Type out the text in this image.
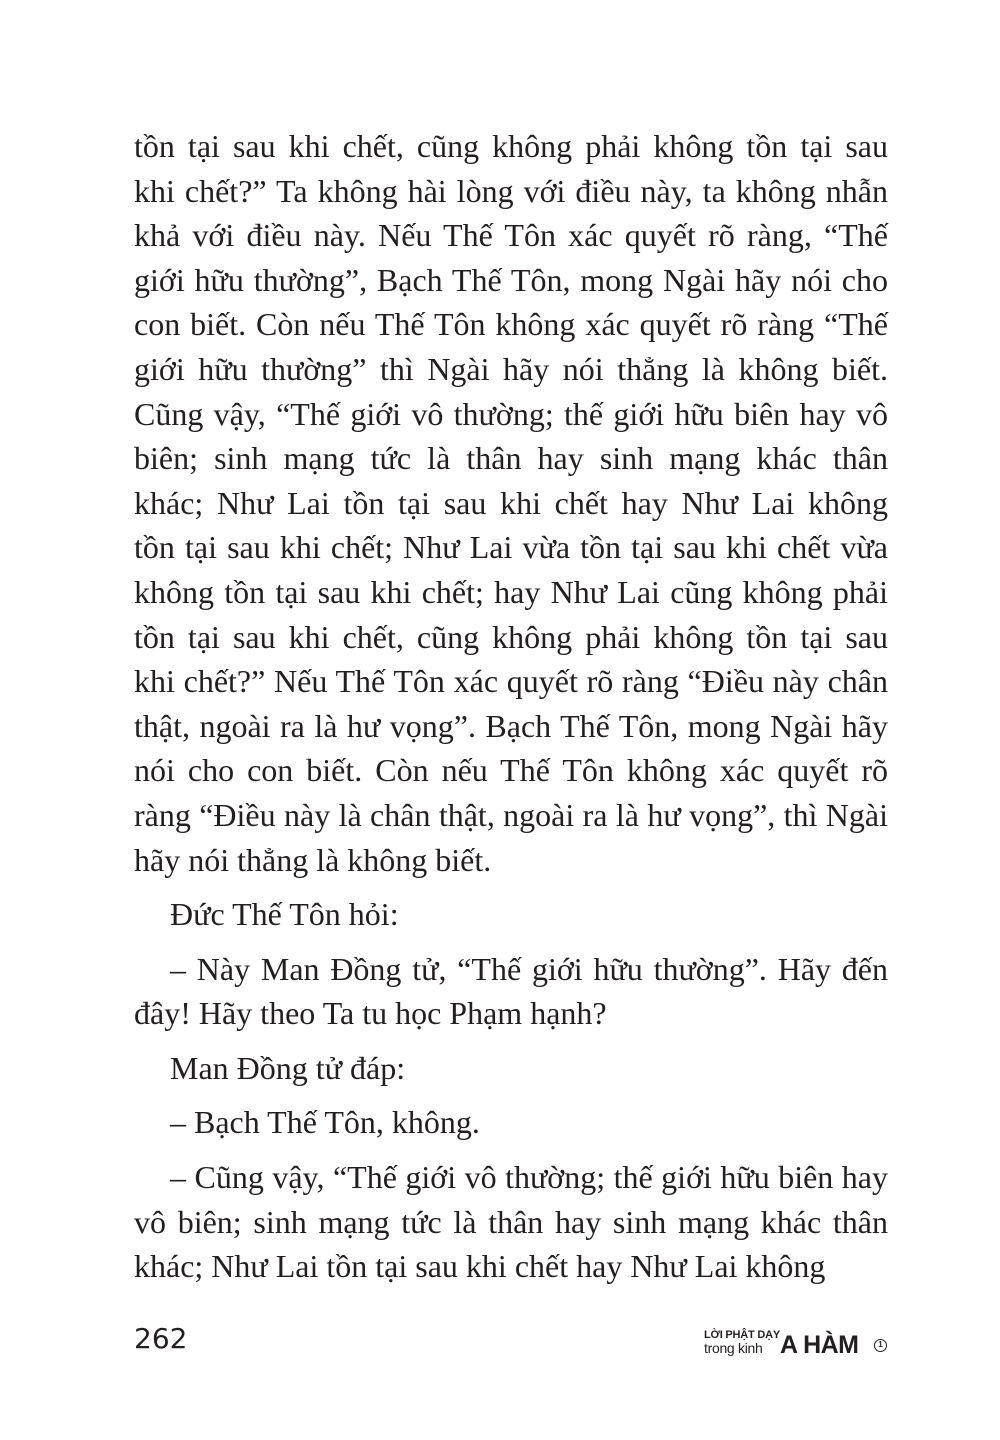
tồn tại sau khi chết, cũng không phải không tồn tại sau
khi chết?” Ta không hài lòng với điều này, ta không nhẫn
khả với điều này. Nếu Thế Tôn xác quyết rõ ràng, “Thế
giới hữu thường”, Bạch Thế Tôn, mong Ngài hãy nói cho
con biết. Còn nếu Thế Tôn không xác quyết rõ ràng “Thế
giới hữu thường” thì Ngài hãy nói thẳng là không biết.
Cũng vậy, “Thế giới vô thường; thế giới hữu biên hay vô
biên; sinh mạng tức là thân hay sinh mạng khác thân
khác; Như Lai tồn tại sau khi chết hay Như Lai không
tồn tại sau khi chết; Như Lai vừa tồn tại sau khi chết vừa
không tồn tại sau khi chết; hay Như Lai cũng không phải
tồn tại sau khi chết, cũng không phải không tồn tại sau
khi chết?” Nếu Thế Tôn xác quyết rõ ràng “Điều này chân
thật, ngoài ra là hư vọng”. Bạch Thế Tôn, mong Ngài hãy
nói cho con biết. Còn nếu Thế Tôn không xác quyết rõ
ràng “Điều này là chân thật, ngoài ra là hư vọng”, thì Ngài
hãy nói thẳng là không biết.

Đức Thế Tôn hỏi:

– Này Man Đồng tử, “Thế giới hữu thường”. Hãy đến
đây! Hãy theo Ta tu học Phạm hạnh?

Man Đồng tử đáp:

– Bạch Thế Tôn, không.

– Cũng vậy, “Thế giới vô thường; thế giới hữu biên hay
vô biên; sinh mạng tức là thân hay sinh mạng khác thân
khác; Như Lai tồn tại sau khi chết hay Như Lai không

262	LỜI PHẬT DẠY
trong kinh A HÀM	1
